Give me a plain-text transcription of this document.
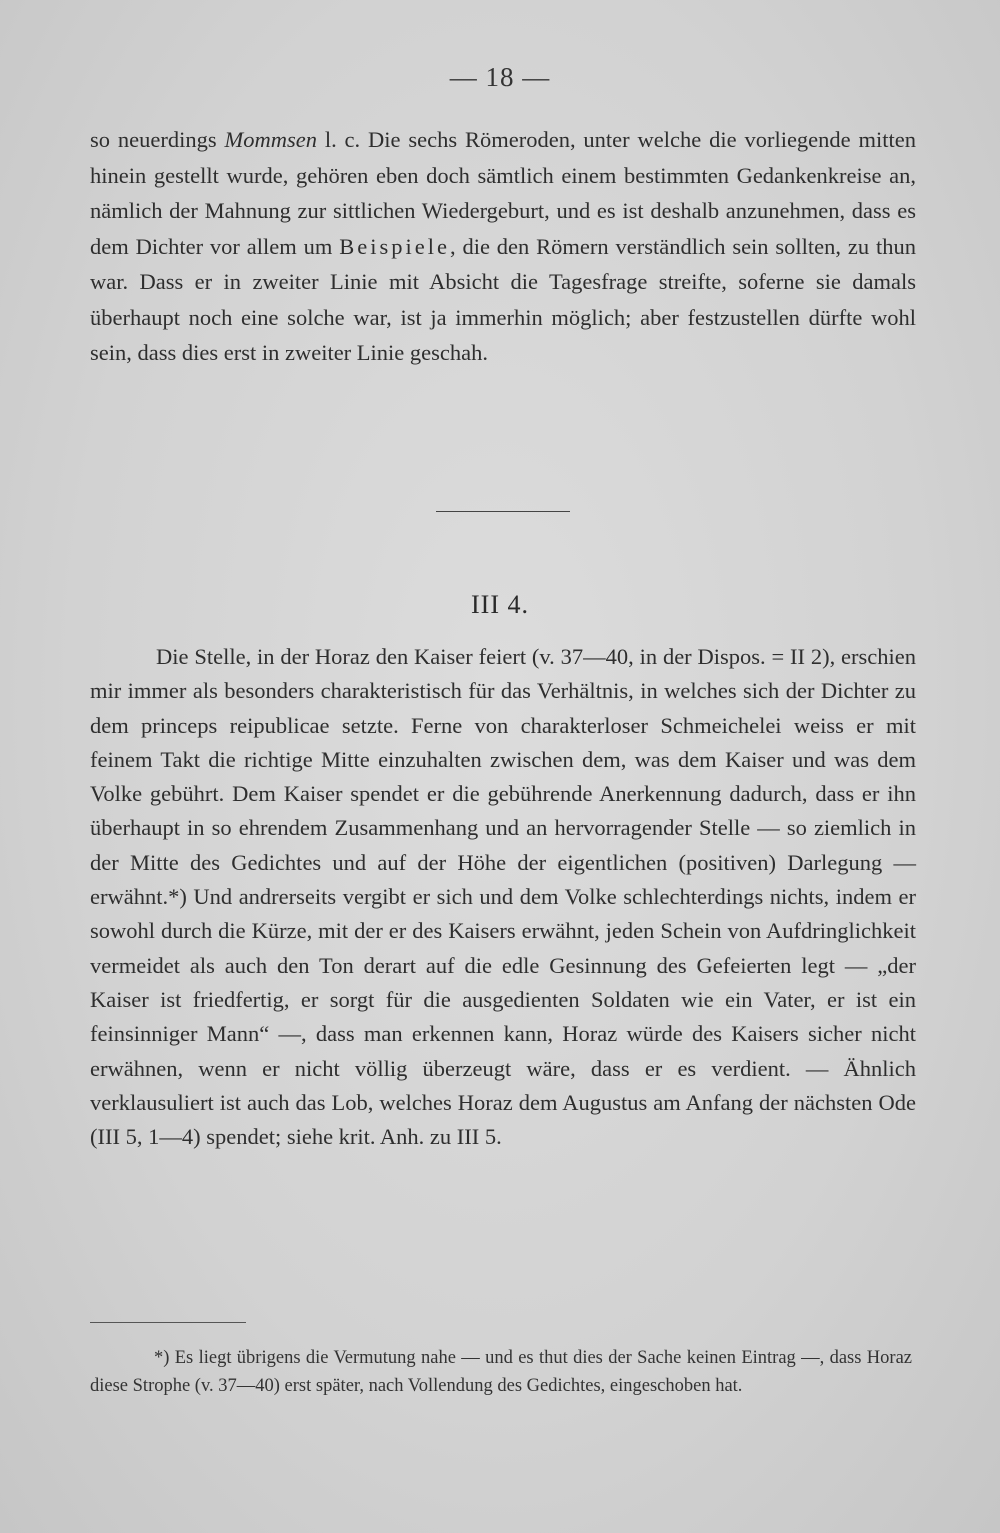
— 18 —

so neuerdings Mommsen l. c. Die sechs Römeroden, unter welche die vorliegende mitten hinein gestellt wurde, gehören eben doch sämtlich einem bestimmten Gedankenkreise an, nämlich der Mahnung zur sittlichen Wiedergeburt, und es ist deshalb anzunehmen, dass es dem Dichter vor allem um Beispiele, die den Römern verständlich sein sollten, zu thun war. Dass er in zweiter Linie mit Absicht die Tagesfrage streifte, soferne sie damals überhaupt noch eine solche war, ist ja immerhin möglich; aber festzustellen dürfte wohl sein, dass dies erst in zweiter Linie geschah.

III 4.

Die Stelle, in der Horaz den Kaiser feiert (v. 37—40, in der Dispos. = II 2), erschien mir immer als besonders charakteristisch für das Verhältnis, in welches sich der Dichter zu dem princeps reipublicae setzte. Ferne von charakterloser Schmeichelei weiss er mit feinem Takt die richtige Mitte einzuhalten zwischen dem, was dem Kaiser und was dem Volke gebührt. Dem Kaiser spendet er die gebührende Anerkennung dadurch, dass er ihn überhaupt in so ehrendem Zusammenhang und an hervorragender Stelle — so ziemlich in der Mitte des Gedichtes und auf der Höhe der eigentlichen (positiven) Darlegung — erwähnt.*) Und andrerseits vergibt er sich und dem Volke schlechterdings nichts, indem er sowohl durch die Kürze, mit der er des Kaisers erwähnt, jeden Schein von Aufdringlichkeit vermeidet als auch den Ton derart auf die edle Gesinnung des Gefeierten legt — „der Kaiser ist friedfertig, er sorgt für die ausgedienten Soldaten wie ein Vater, er ist ein feinsinniger Mann“ —, dass man erkennen kann, Horaz würde des Kaisers sicher nicht erwähnen, wenn er nicht völlig überzeugt wäre, dass er es verdient. — Ähnlich verklausuliert ist auch das Lob, welches Horaz dem Augustus am Anfang der nächsten Ode (III 5, 1—4) spendet; siehe krit. Anh. zu III 5.

*) Es liegt übrigens die Vermutung nahe — und es thut dies der Sache keinen Eintrag —, dass Horaz diese Strophe (v. 37—40) erst später, nach Vollendung des Gedichtes, eingeschoben hat.
